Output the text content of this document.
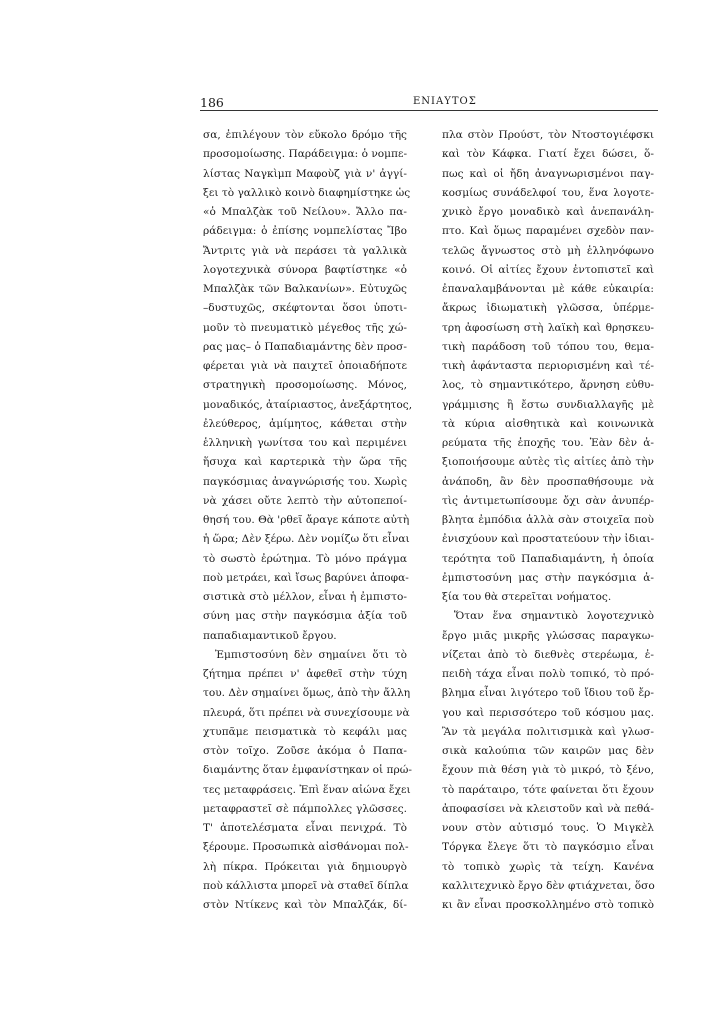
186	ΕΝΙΑΥΤΟΣ
σα, ἐπιλέγουν τὸν εὔκολο δρόμο τῆς
προσομοίωσης. Παράδειγμα: ὁ νομπε-
λίστας Ναγκὶμπ Μαφοὺζ γιὰ ν' ἀγγί-
ξει τὸ γαλλικὸ κοινὸ διαφημίστηκε ὡς
«ὁ Μπαλζὰκ τοῦ Νείλου». Ἄλλο πα-
ράδειγμα: ὁ ἐπίσης νομπελίστας Ἴβο
Ἄντριτς γιὰ νὰ περάσει τὰ γαλλικὰ
λογοτεχνικὰ σύνορα βαφτίστηκε «ὁ
Μπαλζὰκ τῶν Βαλκανίων». Εὐτυχῶς
–δυστυχῶς, σκέφτονται ὅσοι ὑποτι-
μοῦν τὸ πνευματικὸ μέγεθος τῆς χώ-
ρας μας– ὁ Παπαδιαμάντης δὲν προσ-
φέρεται γιὰ νὰ παιχτεῖ ὁποιαδήποτε
στρατηγικὴ προσομοίωσης. Μόνος,
μοναδικός, ἀταίριαστος, ἀνεξάρτητος,
ἐλεύθερος, ἀμίμητος, κάθεται στὴν
ἑλληνικὴ γωνίτσα του καὶ περιμένει
ἥσυχα καὶ καρτερικὰ τὴν ὥρα τῆς
παγκόσμιας ἀναγνώρισής του. Χωρὶς
νὰ χάσει οὔτε λεπτὸ τὴν αὐτοπεποί-
θησή του. Θὰ 'ρθεῖ ἄραγε κάποτε αὐτὴ
ἡ ὥρα; Δὲν ξέρω. Δὲν νομίζω ὅτι εἶναι
τὸ σωστὸ ἐρώτημα. Τὸ μόνο πράγμα
ποὺ μετράει, καὶ ἴσως βαρύνει ἀποφα-
σιστικὰ στὸ μέλλον, εἶναι ἡ ἐμπιστο-
σύνη μας στὴν παγκόσμια ἀξία τοῦ
παπαδιαμαντικοῦ ἔργου.
Ἐμπιστοσύνη δὲν σημαίνει ὅτι τὸ
ζήτημα πρέπει ν' ἀφεθεῖ στὴν τύχη
του. Δὲν σημαίνει ὅμως, ἀπὸ τὴν ἄλλη
πλευρά, ὅτι πρέπει νὰ συνεχίσουμε νὰ
χτυπᾶμε πεισματικὰ τὸ κεφάλι μας
στὸν τοῖχο. Ζοῦσε ἀκόμα ὁ Παπα-
διαμάντης ὅταν ἐμφανίστηκαν οἱ πρώ-
τες μεταφράσεις. Ἐπὶ ἕναν αἰώνα ἔχει
μεταφραστεῖ σὲ πάμπολλες γλῶσσες.
Τ' ἀποτελέσματα εἶναι πενιχρά. Τὸ
ξέρουμε. Προσωπικὰ αἰσθάνομαι πολ-
λὴ πίκρα. Πρόκειται γιὰ δημιουργὸ
ποὺ κάλλιστα μπορεῖ νὰ σταθεῖ δίπλα
στὸν Ντίκενς καὶ τὸν Μπαλζάκ, δί-
πλα στὸν Προύστ, τὸν Ντοστογιέφσκι
καὶ τὸν Κάφκα. Γιατί ἔχει δώσει, ὅ-
πως καὶ οἱ ἤδη ἀναγνωρισμένοι παγ-
κοσμίως συνάδελφοί του, ἕνα λογοτε-
χνικὸ ἔργο μοναδικὸ καὶ ἀνεπανάλη-
πτο. Καὶ ὅμως παραμένει σχεδὸν παν-
τελῶς ἄγνωστος στὸ μὴ ἑλληνόφωνο
κοινό. Οἱ αἰτίες ἔχουν ἐντοπιστεῖ καὶ
ἐπαναλαμβάνονται μὲ κάθε εὐκαιρία:
ἄκρως ἰδιωματικὴ γλῶσσα, ὑπέρμε-
τρη ἀφοσίωση στὴ λαϊκὴ καὶ θρησκευ-
τικὴ παράδοση τοῦ τόπου του, θεμα-
τικὴ ἀφάνταστα περιορισμένη καὶ τέ-
λος, τὸ σημαντικότερο, ἄρνηση εὐθυ-
γράμμισης ἢ ἔστω συνδιαλλαγῆς μὲ
τὰ κύρια αἰσθητικὰ καὶ κοινωνικὰ
ρεύματα τῆς ἐποχῆς του. Ἐὰν δὲν ἀ-
ξιοποιήσουμε αὐτὲς τὶς αἰτίες ἀπὸ τὴν
ἀνάποδη, ἂν δὲν προσπαθήσουμε νὰ
τὶς ἀντιμετωπίσουμε ὄχι σὰν ἀνυπέρ-
βλητα ἐμπόδια ἀλλὰ σὰν στοιχεῖα ποὺ
ἐνισχύουν καὶ προστατεύουν τὴν ἰδιαι-
τερότητα τοῦ Παπαδιαμάντη, ἡ ὁποία
ἐμπιστοσύνη μας στὴν παγκόσμια ἀ-
ξία του θὰ στερεῖται νοήματος.
Ὅταν ἕνα σημαντικὸ λογοτεχνικὸ
ἔργο μιᾶς μικρῆς γλώσσας παραγκω-
νίζεται ἀπὸ τὸ διεθνὲς στερέωμα, ἐ-
πειδὴ τάχα εἶναι πολὺ τοπικό, τὸ πρό-
βλημα εἶναι λιγότερο τοῦ ἴδιου τοῦ ἔρ-
γου καὶ περισσότερο τοῦ κόσμου μας.
Ἂν τὰ μεγάλα πολιτισμικὰ καὶ γλωσ-
σικὰ καλούπια τῶν καιρῶν μας δὲν
ἔχουν πιὰ θέση γιὰ τὸ μικρό, τὸ ξένο,
τὸ παράταιρο, τότε φαίνεται ὅτι ἔχουν
ἀποφασίσει νὰ κλειστοῦν καὶ νὰ πεθά-
νουν στὸν αὐτισμό τους. Ὁ Μιγκὲλ
Τόργκα ἔλεγε ὅτι τὸ παγκόσμιο εἶναι
τὸ τοπικὸ χωρὶς τὰ τείχη. Κανένα
καλλιτεχνικὸ ἔργο δὲν φτιάχνεται, ὅσο
κι ἂν εἶναι προσκολλημένο στὸ τοπικὸ
